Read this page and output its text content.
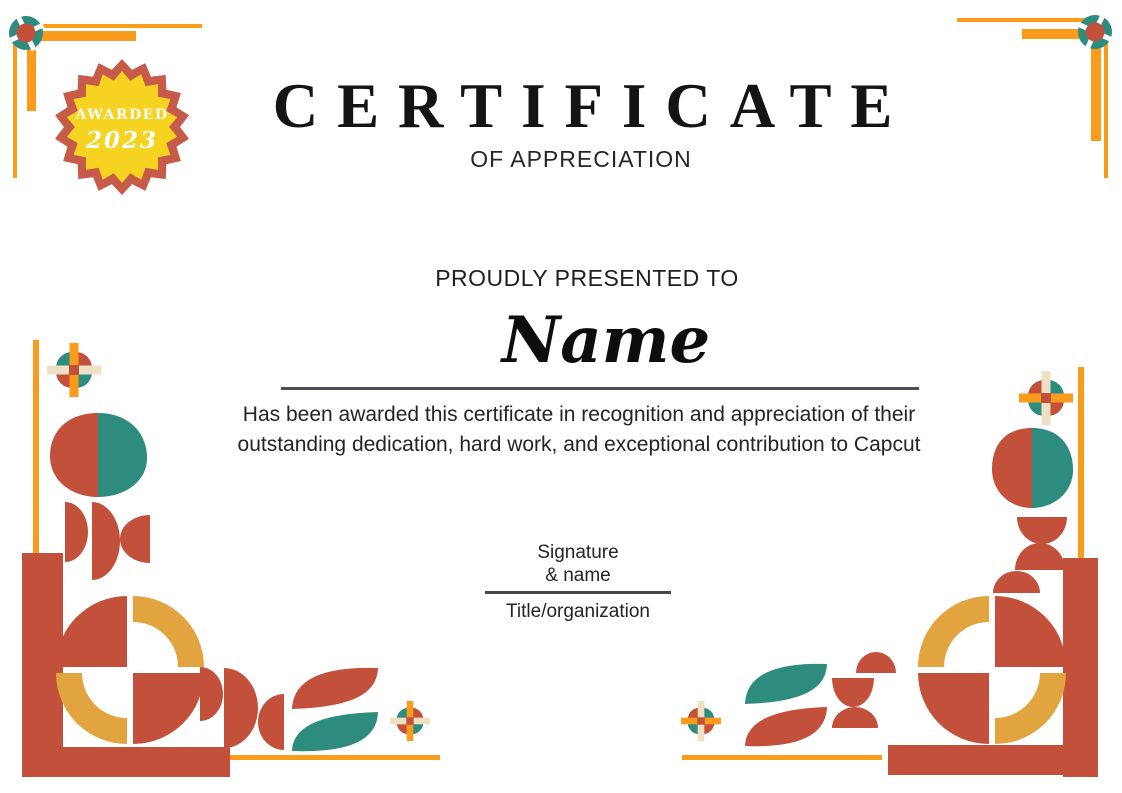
AWARDED
2023	CERTIFICATE
OF APPRECIATION
PROUDLY PRESENTED TO
Name
Has been awarded this certificate in recognition and appreciation of their
outstanding dedication, hard work, and exceptional contribution to Capcut
Signature
& name
Title/organization
